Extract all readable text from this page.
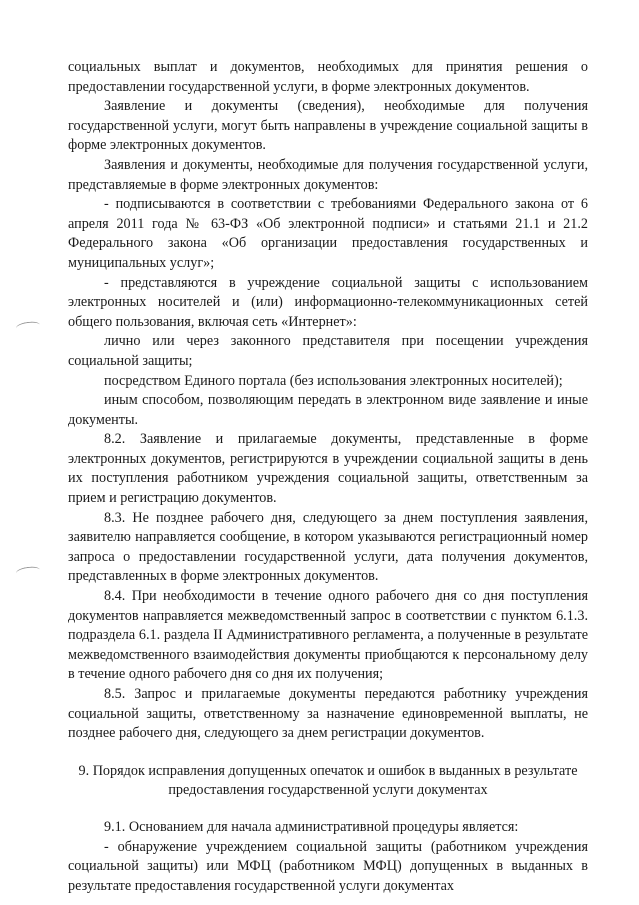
социальных выплат и документов, необходимых для принятия решения о предоставлении государственной услуги, в форме электронных документов.

Заявление и документы (сведения), необходимые для получения государственной услуги, могут быть направлены в учреждение социальной защиты в форме электронных документов.

Заявления и документы, необходимые для получения государственной услуги, представляемые в форме электронных документов:

- подписываются в соответствии с требованиями Федерального закона от 6 апреля 2011 года № 63-ФЗ «Об электронной подписи» и статьями 21.1 и 21.2 Федерального закона «Об организации предоставления государственных и муниципальных услуг»;

- представляются в учреждение социальной защиты с использованием электронных носителей и (или) информационно-телекоммуникационных сетей общего пользования, включая сеть «Интернет»:

лично или через законного представителя при посещении учреждения социальной защиты;

посредством Единого портала (без использования электронных носителей);

иным способом, позволяющим передать в электронном виде заявление и иные документы.

8.2. Заявление и прилагаемые документы, представленные в форме электронных документов, регистрируются в учреждении социальной защиты в день их поступления работником учреждения социальной защиты, ответственным за прием и регистрацию документов.

8.3. Не позднее рабочего дня, следующего за днем поступления заявления, заявителю направляется сообщение, в котором указываются регистрационный номер запроса о предоставлении государственной услуги, дата получения документов, представленных в форме электронных документов.

8.4. При необходимости в течение одного рабочего дня со дня поступления документов направляется межведомственный запрос в соответствии с пунктом 6.1.3. подраздела 6.1. раздела II Административного регламента, а полученные в результате межведомственного взаимодействия документы приобщаются к персональному делу в течение одного рабочего дня со дня их получения;

8.5. Запрос и прилагаемые документы передаются работнику учреждения социальной защиты, ответственному за назначение единовременной выплаты, не позднее рабочего дня, следующего за днем регистрации документов.

9. Порядок исправления допущенных опечаток и ошибок в выданных в результате предоставления государственной услуги документах

9.1. Основанием для начала административной процедуры является:

- обнаружение учреждением социальной защиты (работником учреждения социальной защиты) или МФЦ (работником МФЦ) допущенных в выданных в результате предоставления государственной услуги документах
